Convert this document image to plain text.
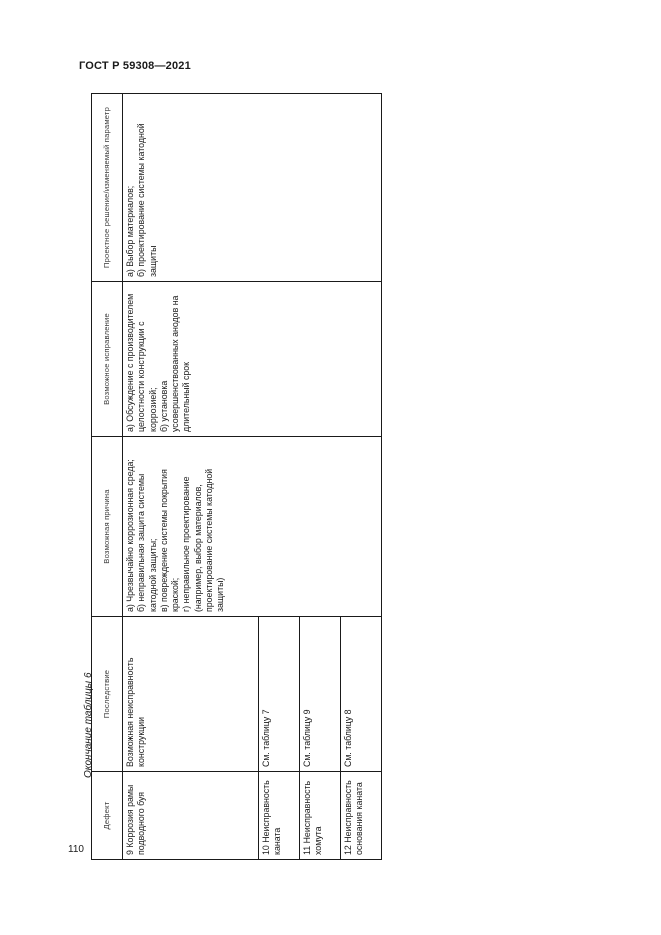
ГОСТ Р 59308—2021
Окончание таблицы 6
110
Дефект	Последствие	Возможная причина	Возможное исправление	Проектное решение/изменяемый параметр
9 Коррозия рамы подводного буя	Возможная неисправность конструкции	а) Чрезвычайно коррозионная среда; б) неправильная защита системы катодной защиты; в) повреждение системы покрытия краской; г) неправильное проектирование (например, выбор материалов, проектирование системы катодной защиты)	а) Обсуждение с производителем целостности конструкции с коррозией; б) установка усовершенствованных анодов на длительный срок	а) Выбор материалов; б) проектирование системы катодной защиты

10 Неисправность каната	См. таблицу 7			
11 Неисправность хомута	См. таблицу 9			
12 Неисправность основания каната	См. таблицу 8			
